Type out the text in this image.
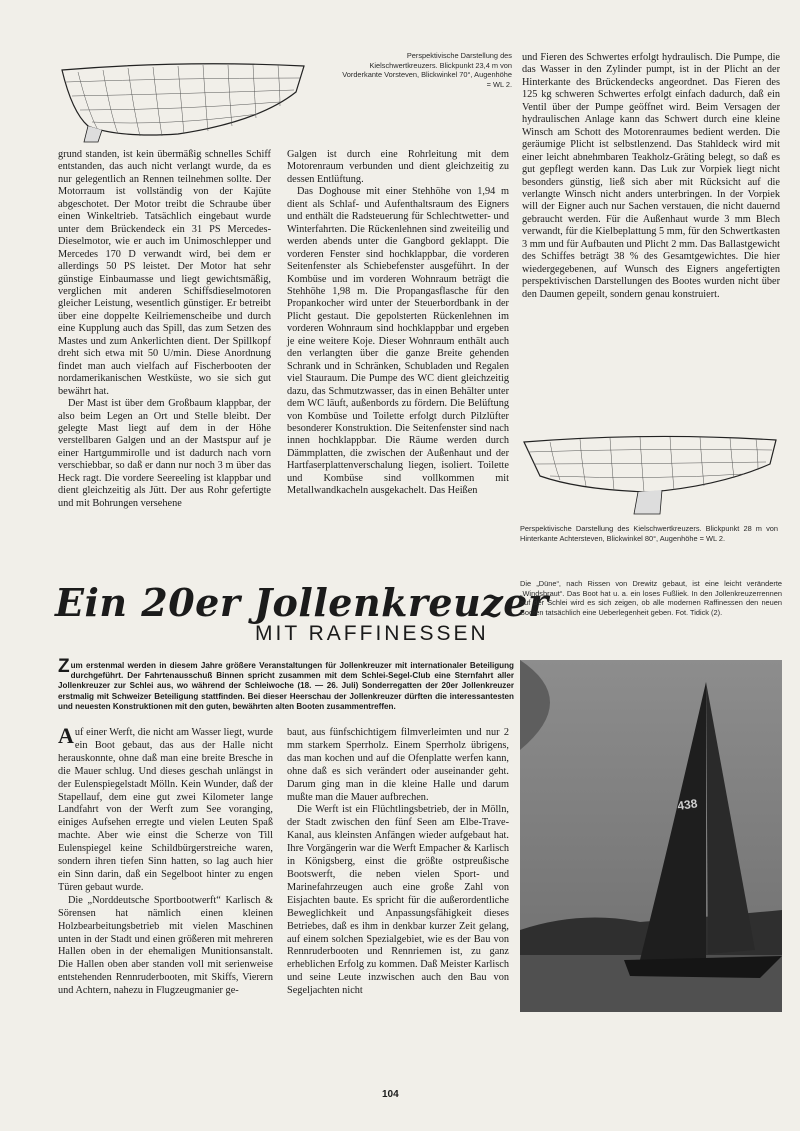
Perspektivische Darstellung des Kielschwertkreuzers. Blickpunkt 23,4 m von Vorderkante Vorsteven, Blickwinkel 70°, Augenhöhe = WL 2.

grund standen, ist kein übermäßig schnelles Schiff entstanden, das auch nicht verlangt wurde, da es nur gelegentlich an Rennen teilnehmen sollte. Der Motorraum ist vollständig von der Kajüte abgeschotet. Der Motor treibt die Schraube über einen Winkeltrieb. Tatsächlich eingebaut wurde unter dem Brückendeck ein 31 PS Mercedes-Dieselmotor, wie er auch im Unimoschlepper und Mercedes 170 D verwandt wird, bei dem er allerdings 50 PS leistet. Der Motor hat sehr günstige Einbaumasse und liegt gewichtsmäßig, verglichen mit anderen Schiffsdieselmotoren gleicher Leistung, wesentlich günstiger. Er betreibt über eine doppelte Keilriemenscheibe und durch eine Kupplung auch das Spill, das zum Setzen des Mastes und zum Ankerlichten dient. Der Spillkopf dreht sich etwa mit 50 U/min. Diese Anordnung findet man auch vielfach auf Fischerbooten der nordamerikanischen Westküste, wo sie sich gut bewährt hat.

Der Mast ist über dem Großbaum klappbar, der also beim Legen an Ort und Stelle bleibt. Der gelegte Mast liegt auf dem in der Höhe verstellbaren Galgen und an der Mastspur auf je einer Hartgummirolle und ist dadurch nach vorn verschiebbar, so daß er dann nur noch 3 m über das Heck ragt. Die vordere Seereeling ist klappbar und dient gleichzeitig als Jütt. Der aus Rohr gefertigte und mit Bohrungen versehene

Galgen ist durch eine Rohrleitung mit dem Motorenraum verbunden und dient gleichzeitig zu dessen Entlüftung.

Das Doghouse mit einer Stehhöhe von 1,94 m dient als Schlaf- und Aufenthaltsraum des Eigners und enthält die Radsteuerung für Schlechtwetter- und Winterfahrten. Die Rückenlehnen sind zweiteilig und werden abends unter die Gangbord geklappt. Die vorderen Fenster sind hochklappbar, die vorderen Seitenfenster als Schiebefenster ausgeführt. In der Kombüse und im vorderen Wohnraum beträgt die Stehhöhe 1,98 m. Die Propangasflasche für den Propankocher wird unter der Steuerbordbank in der Plicht gestaut. Die gepolsterten Rückenlehnen im vorderen Wohnraum sind hochklappbar und ergeben je eine weitere Koje. Dieser Wohnraum enthält auch den verlangten über die ganze Breite gehenden Schrank und in Schränken, Schubladen und Regalen viel Stauraum. Die Pumpe des WC dient gleichzeitig dazu, das Schmutzwasser, das in einen Behälter unter dem WC läuft, außenbords zu fördern. Die Belüftung von Kombüse und Toilette erfolgt durch Pilzlüfter besonderer Konstruktion. Die Seitenfenster sind nach innen hochklappbar. Die Räume werden durch Dämmplatten, die zwischen der Außenhaut und der Hartfaserplattenverschalung liegen, isoliert. Toilette und Kombüse sind vollkommen mit Metallwandkacheln ausgekachelt. Das Heißen

und Fieren des Schwertes erfolgt hydraulisch. Die Pumpe, die das Wasser in den Zylinder pumpt, ist in der Plicht an der Hinterkante des Brückendecks angeordnet. Das Fieren des 125 kg schweren Schwertes erfolgt einfach dadurch, daß ein Ventil über der Pumpe geöffnet wird. Beim Versagen der hydraulischen Anlage kann das Schwert durch eine kleine Winsch am Schott des Motorenraumes bedient werden. Die geräumige Plicht ist selbstlenzend. Das Stahldeck wird mit einer leicht abnehmbaren Teakholz-Gräting belegt, so daß es gut gepflegt werden kann. Das Luk zur Vorpiek liegt nicht besonders günstig, ließ sich aber mit Rücksicht auf die verlangte Winsch nicht anders unterbringen. In der Vorpiek will der Eigner auch nur Sachen verstauen, die nicht dauernd gebraucht werden. Für die Außenhaut wurde 3 mm Blech verwandt, für die Kielbeplattung 5 mm, für den Schwertkasten 3 mm und für Aufbauten und Plicht 2 mm. Das Ballastgewicht des Schiffes beträgt 38 % des Gesamtgewichtes. Die hier wiedergegebenen, auf Wunsch des Eigners angefertigten perspektivischen Darstellungen des Bootes wurden nicht über den Daumen gepeilt, sondern genau konstruiert.

Perspektivische Darstellung des Kielschwertkreuzers. Blickpunkt 28 m von Hinterkante Achtersteven, Blickwinkel 80°, Augenhöhe = WL 2.
Ein 20er Jollenkreuzer
MIT RAFFINESSEN
Die „Düne“, nach Rissen von Drewitz gebaut, ist eine leicht veränderte „Windsbraut“. Das Boot hat u. a. ein loses Fußliek. In den Jollenkreuzerrennen auf der Schlei wird es sich zeigen, ob alle modernen Raffinessen den neuen Booten tatsächlich eine Ueberlegenheit geben. Fot. Tidick (2).
Zum erstenmal werden in diesem Jahre größere Veranstaltungen für Jollenkreuzer mit internationaler Beteiligung durchgeführt. Der Fahrtenausschuß Binnen spricht zusammen mit dem Schlei-Segel-Club eine Sternfahrt aller Jollenkreuzer zur Schlei aus, wo während der Schleiwoche (18. — 26. Juli) Sonderregatten der 20er Jollenkreuzer erstmalig mit Schweizer Beteiligung stattfinden. Bei dieser Heerschau der Jollenkreuzer dürften die interessantesten und neuesten Konstruktionen mit den guten, bewährten alten Booten zusammentreffen.

Auf einer Werft, die nicht am Wasser liegt, wurde ein Boot gebaut, das aus der Halle nicht herauskonnte, ohne daß man eine breite Bresche in die Mauer schlug. Und dieses geschah unlängst in der Eulenspiegelstadt Mölln. Kein Wunder, daß der Stapellauf, dem eine gut zwei Kilometer lange Landfahrt von der Werft zum See voranging, einiges Aufsehen erregte und vielen Leuten Spaß machte. Aber wie einst die Scherze von Till Eulenspiegel keine Schildbürgerstreiche waren, sondern ihren tiefen Sinn hatten, so lag auch hier ein Sinn darin, daß ein Segelboot hinter zu engen Türen gebaut wurde.

Die „Norddeutsche Sportbootwerft“ Karlisch & Sörensen hat nämlich einen kleinen Holzbearbeitungsbetrieb mit vielen Maschinen unten in der Stadt und einen größeren mit mehreren Hallen oben in der ehemaligen Munitionsanstalt. Die Hallen oben aber standen voll mit serienweise entstehenden Rennruderbooten, mit Skiffs, Vierern und Achtern, nahezu in Flugzeugmanier ge-

baut, aus fünfschichtigem filmverleimten und nur 2 mm starkem Sperrholz. Einem Sperrholz übrigens, das man kochen und auf die Ofenplatte werfen kann, ohne daß es sich verändert oder auseinander geht. Darum ging man in die kleine Halle und darum mußte man die Mauer aufbrechen.

Die Werft ist ein Flüchtlingsbetrieb, der in Mölln, der Stadt zwischen den fünf Seen am Elbe-Trave-Kanal, aus kleinsten Anfängen wieder aufgebaut hat. Ihre Vorgängerin war die Werft Empacher & Karlisch in Königsberg, einst die größte ostpreußische Bootswerft, die neben vielen Sport- und Marinefahrzeugen auch eine große Zahl von Eisjachten baute. Es spricht für die außerordentliche Beweglichkeit und Anpassungsfähigkeit dieses Betriebes, daß es ihm in denkbar kurzer Zeit gelang, auf einem solchen Spezialgebiet, wie es der Bau von Rennruderbooten und Rennriemen ist, zu ganz erheblichen Erfolg zu kommen. Daß Meister Karlisch und seine Leute inzwischen auch den Bau von Segeljachten nicht

438
104
